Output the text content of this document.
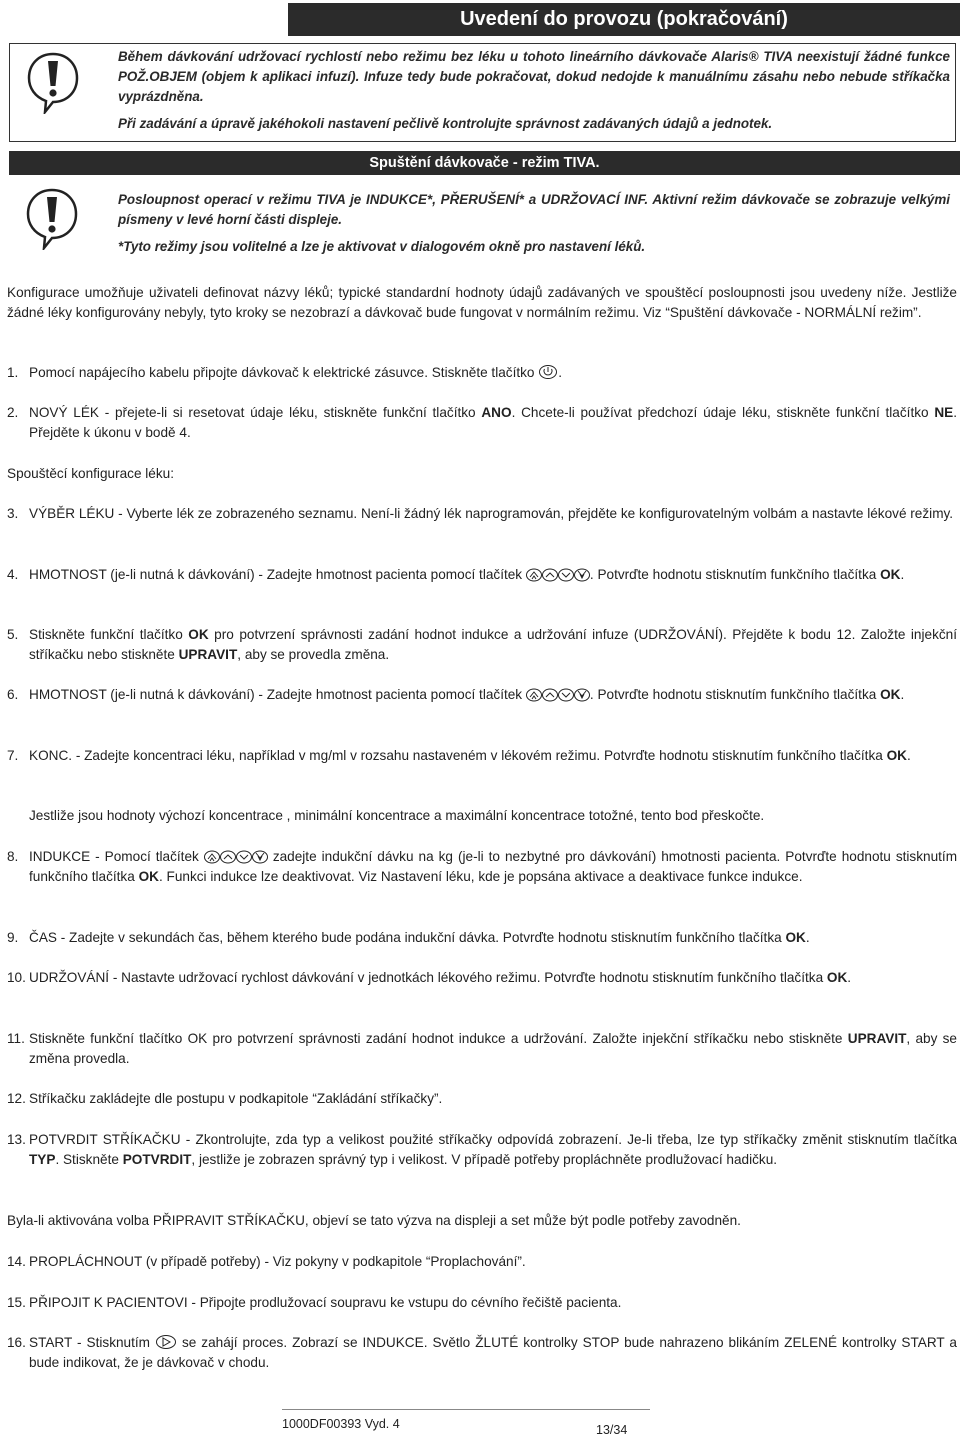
Uvedení do provozu (pokračování)

Během dávkování udržovací rychlostí nebo režimu bez léku u tohoto lineárního dávkovače Alaris® TIVA neexistují žádné funkce POŽ.OBJEM (objem k aplikaci infuzí). Infuze tedy bude pokračovat, dokud nedojde k manuálnímu zásahu nebo nebude stříkačka vyprázdněna.

Při zadávání a úpravě jakéhokoli nastavení pečlivě kontrolujte správnost zadávaných údajů a jednotek.

Spuštění dávkovače - režim TIVA.

Posloupnost operací v režimu TIVA je INDUKCE*, PŘERUŠENÍ* a UDRŽOVACÍ INF. Aktivní režim dávkovače se zobrazuje velkými písmeny v levé horní části displeje.

*Tyto režimy jsou volitelné a lze je aktivovat v dialogovém okně pro nastavení léků.

Konfigurace umožňuje uživateli definovat názvy léků; typické standardní hodnoty údajů zadávaných ve spouštěcí posloupnosti jsou uvedeny níže. Jestliže žádné léky konfigurovány nebyly, tyto kroky se nezobrazí a dávkovač bude fungovat v normálním režimu. Viz “Spuštění dávkovače - NORMÁLNÍ režim”.
1. Pomocí napájecího kabelu připojte dávkovač k elektrické zásuvce. Stiskněte tlačítko .
2. NOVÝ LÉK - přejete-li si resetovat údaje léku, stiskněte funkční tlačítko ANO. Chcete-li používat předchozí údaje léku, stiskněte funkční tlačítko NE. Přejděte k úkonu v bodě 4.
Spouštěcí konfigurace léku:
3. VÝBĚR LÉKU - Vyberte lék ze zobrazeného seznamu. Není-li žádný lék naprogramován, přejděte ke konfigurovatelným volbám a nastavte lékové režimy.
4. HMOTNOST (je-li nutná k dávkování) - Zadejte hmotnost pacienta pomocí tlačítek	. Potvrďte hodnotu stisknutím funkčního tlačítka OK.
5. Stiskněte funkční tlačítko OK pro potvrzení správnosti zadání hodnot indukce a udržování infuze (UDRŽOVÁNÍ). Přejděte k bodu 12. Založte injekční stříkačku nebo stiskněte UPRAVIT, aby se provedla změna.
6. HMOTNOST (je-li nutná k dávkování) - Zadejte hmotnost pacienta pomocí tlačítek	. Potvrďte hodnotu stisknutím funkčního tlačítka OK.
7. KONC. - Zadejte koncentraci léku, například v mg/ml v rozsahu nastaveném v lékovém režimu. Potvrďte hodnotu stisknutím funkčního tlačítka OK.
Jestliže jsou hodnoty výchozí koncentrace , minimální koncentrace a maximální koncentrace totožné, tento bod přeskočte.
8. INDUKCE - Pomocí tlačítek	zadejte indukční dávku na kg (je-li to nezbytné pro dávkování) hmotnosti pacienta. Potvrďte hodnotu stisknutím funkčního tlačítka OK. Funkci indukce lze deaktivovat. Viz Nastavení léku, kde je popsána aktivace a deaktivace funkce indukce.
9. ČAS - Zadejte v sekundách čas, během kterého bude podána indukční dávka. Potvrďte hodnotu stisknutím funkčního tlačítka OK.
10. UDRŽOVÁNÍ - Nastavte udržovací rychlost dávkování v jednotkách lékového režimu. Potvrďte hodnotu stisknutím funkčního tlačítka OK.
11. Stiskněte funkční tlačítko OK pro potvrzení správnosti zadání hodnot indukce a udržování. Založte injekční stříkačku nebo stiskněte UPRAVIT, aby se změna provedla.
12. Stříkačku zakládejte dle postupu v podkapitole “Zakládání stříkačky”.
13. POTVRDIT STŘÍKAČKU - Zkontrolujte, zda typ a velikost použité stříkačky odpovídá zobrazení. Je-li třeba, lze typ stříkačky změnit stisknutím tlačítka TYP. Stiskněte POTVRDIT, jestliže je zobrazen správný typ i velikost. V případě potřeby propláchněte prodlužovací hadičku.
Byla-li aktivována volba PŘIPRAVIT STŘÍKAČKU, objeví se tato výzva na displeji a set může být podle potřeby zavodněn.
14. PROPLÁCHNOUT (v případě potřeby) - Viz pokyny v podkapitole “Proplachování”.
15. PŘIPOJIT K PACIENTOVI - Připojte prodlužovací soupravu ke vstupu do cévního řečiště pacienta.
16. START - Stisknutím  se zahájí proces. Zobrazí se INDUKCE. Světlo ŽLUTÉ kontrolky STOP bude nahrazeno blikáním ZELENÉ kontrolky START a bude indikovat, že je dávkovač v chodu.
1000DF00393 Vyd. 4	13/34
